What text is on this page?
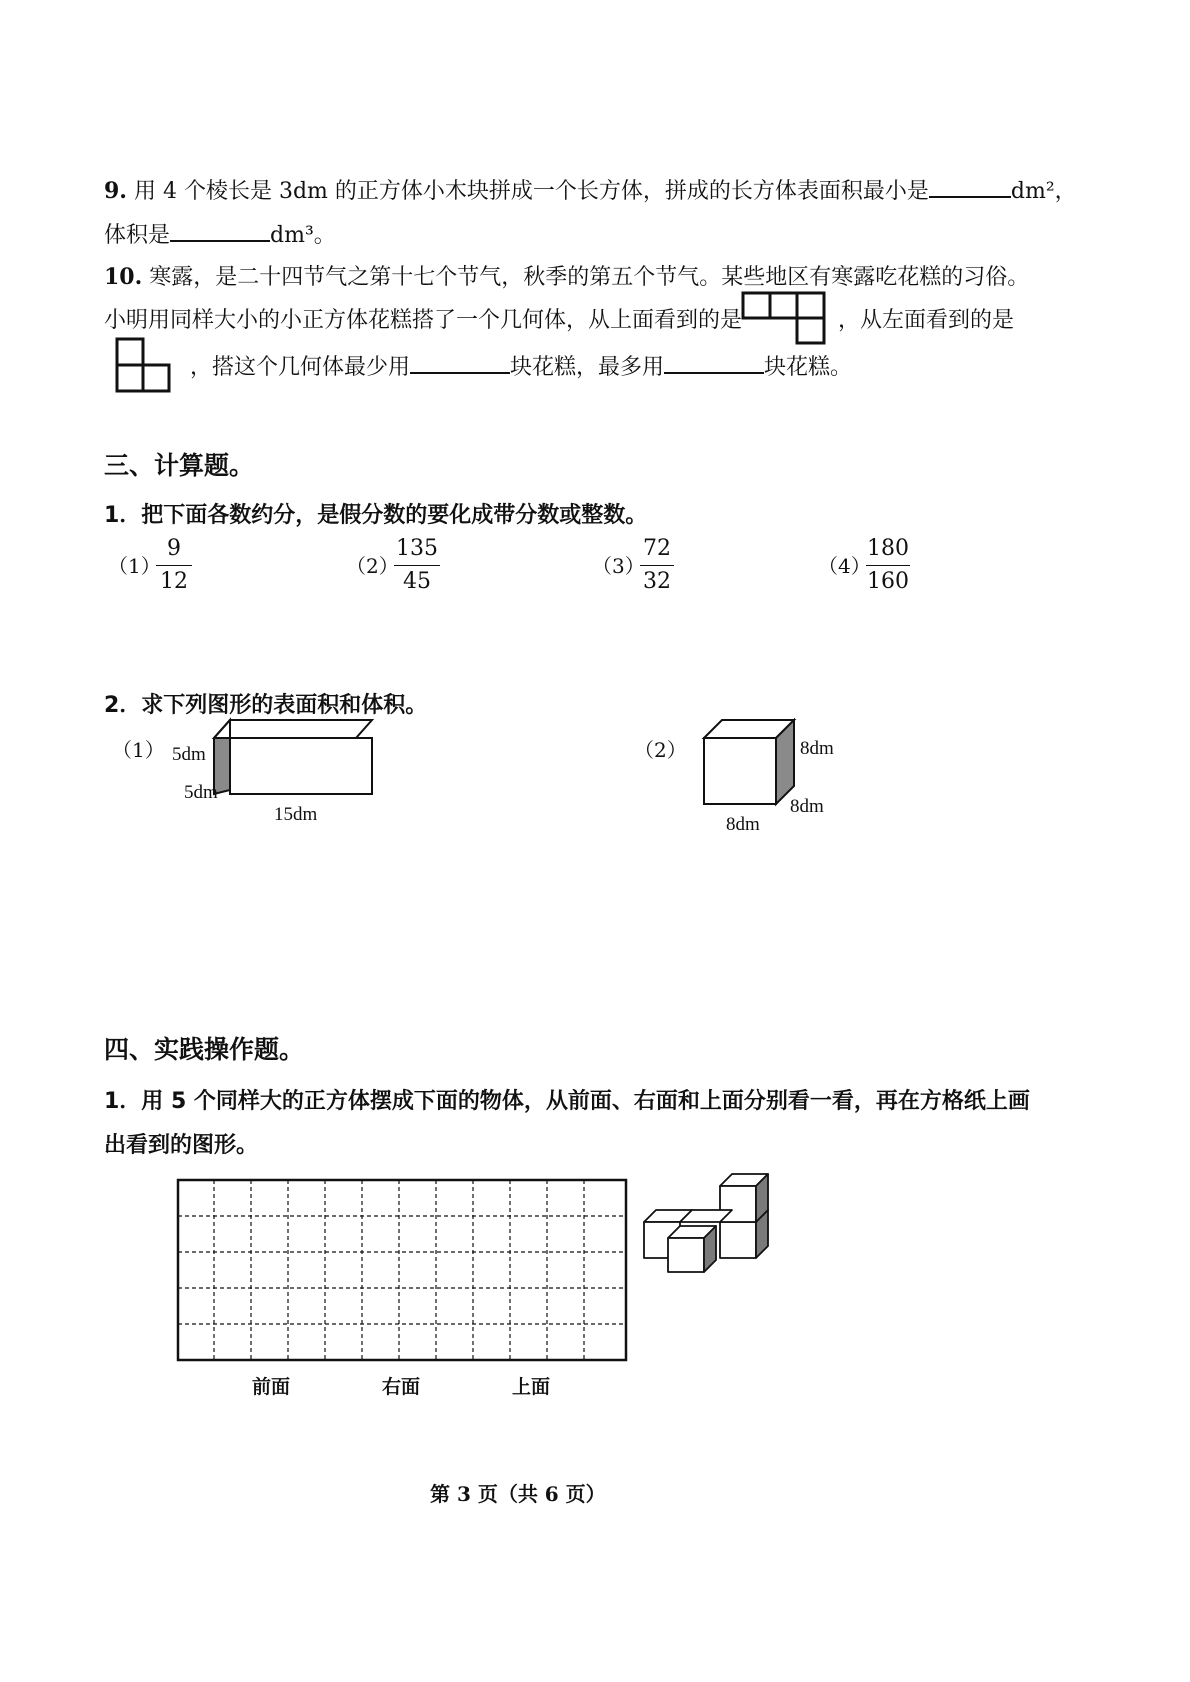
9. 用 4 个棱长是 3dm 的正方体小木块拼成一个长方体，拼成的长方体表面积最小是	dm²，
体积是	dm³。
10. 寒露，是二十四节气之第十七个节气，秋季的第五个节气。某些地区有寒露吃花糕的习俗。
小明用同样大小的小正方体花糕搭了一个几何体，从上面看到的是	，从左面看到的是
，搭这个几何体最少用	块花糕，最多用	块花糕。
三、计算题。
1．把下面各数约分，是假分数的要化成带分数或整数。
（1）
9
12
（2）
135
45
（3）
72
32
（4）
180
160
2．求下列图形的表面积和体积。
（1） 5dm
5dm
15dm
（2）	8dm
8dm
8dm
四、实践操作题。
1．用 5 个同样大的正方体摆成下面的物体，从前面、右面和上面分别看一看，再在方格纸上画
出看到的图形。
前面	右面	上面
第 3 页（共 6 页）
